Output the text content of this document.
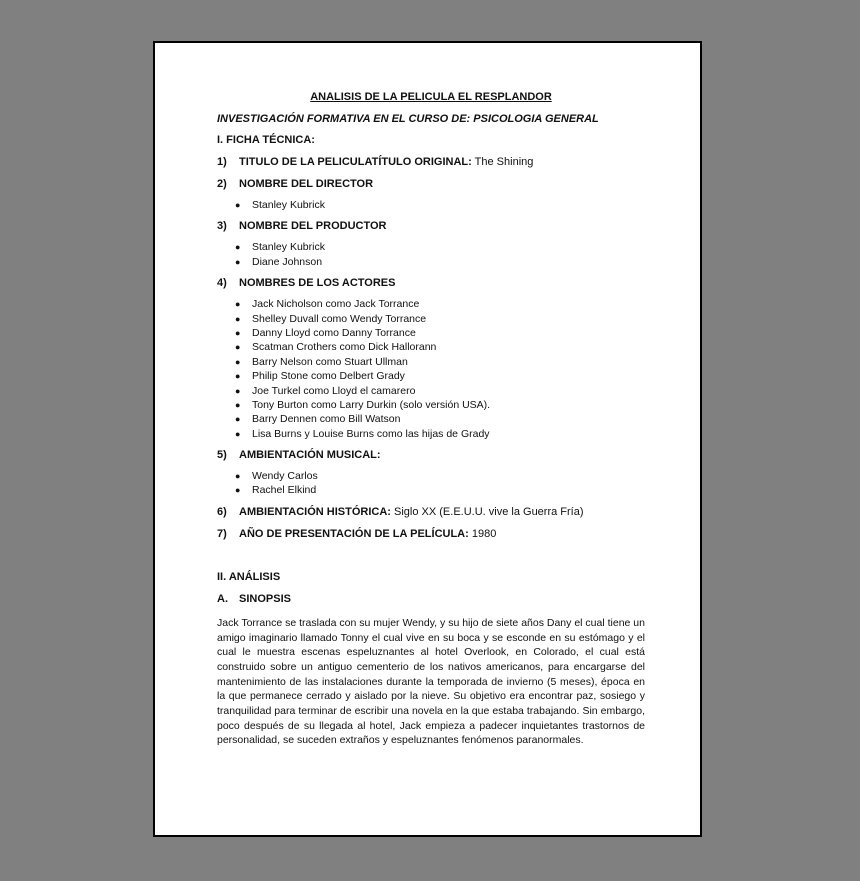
ANALISIS DE LA PELICULA EL RESPLANDOR

INVESTIGACIÓN FORMATIVA EN EL CURSO DE: PSICOLOGIA GENERAL

I. FICHA TÉCNICA:

1) TITULO DE LA PELICULATÍTULO ORIGINAL: The Shining

2) NOMBRE DEL DIRECTOR

● Stanley Kubrick

3) NOMBRE DEL PRODUCTOR

● Stanley Kubrick
● Diane Johnson

4) NOMBRES DE LOS ACTORES

● Jack Nicholson como Jack Torrance
● Shelley Duvall como Wendy Torrance
● Danny Lloyd como Danny Torrance
● Scatman Crothers como Dick Hallorann
● Barry Nelson como Stuart Ullman
● Philip Stone como Delbert Grady
● Joe Turkel como Lloyd el camarero
● Tony Burton como Larry Durkin (solo versión USA).
● Barry Dennen como Bill Watson
● Lisa Burns y Louise Burns como las hijas de Grady

5) AMBIENTACIÓN MUSICAL:

● Wendy Carlos
● Rachel Elkind

6) AMBIENTACIÓN HISTÓRICA: Siglo XX (E.E.U.U. vive la Guerra Fría)

7) AÑO DE PRESENTACIÓN DE LA PELÍCULA: 1980

II. ANÁLISIS

A. SINOPSIS

Jack Torrance se traslada con su mujer Wendy, y su hijo de siete años Dany el cual tiene un amigo imaginario llamado Tonny el cual vive en su boca y se esconde en su estómago y el cual le muestra escenas espeluznantes al hotel Overlook, en Colorado, el cual está construido sobre un antiguo cementerio de los nativos americanos, para encargarse del mantenimiento de las instalaciones durante la temporada de invierno (5 meses), época en la que permanece cerrado y aislado por la nieve. Su objetivo era encontrar paz, sosiego y tranquilidad para terminar de escribir una novela en la que estaba trabajando. Sin embargo, poco después de su llegada al hotel, Jack empieza a padecer inquietantes trastornos de personalidad, se suceden extraños y espeluznantes fenómenos paranormales.
